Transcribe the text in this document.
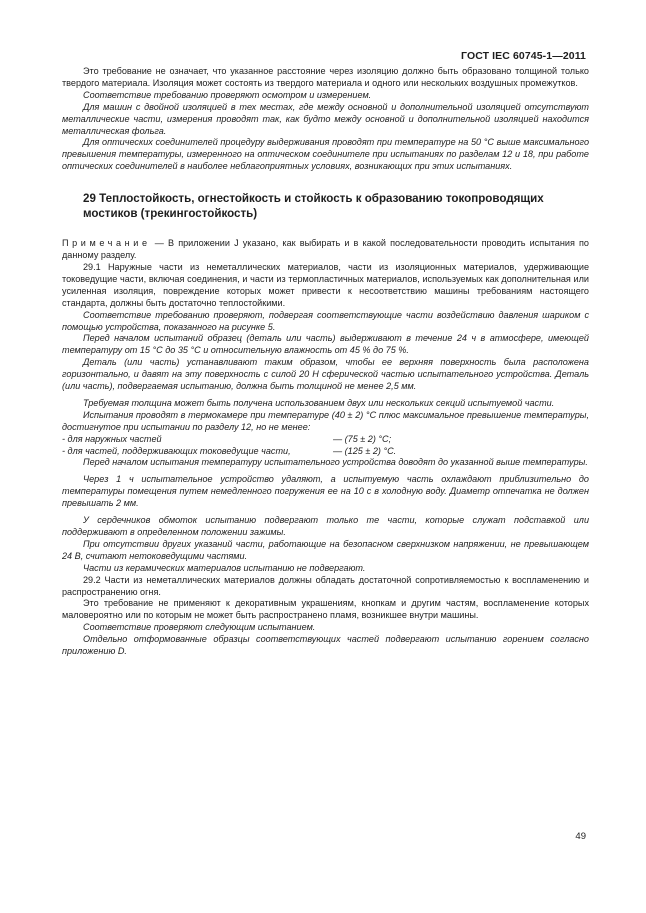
ГОСТ IEC 60745-1—2011

Это требование не означает, что указанное расстояние через изоляцию должно быть образовано толщиной только твердого материала. Изоляция может состоять из твердого материала и одного или нескольких воздушных промежутков.

Соответствие требованию проверяют осмотром и измерением.

Для машин с двойной изоляцией в тех местах, где между основной и дополнительной изоляцией отсутствуют металлические части, измерения проводят так, как будто между основной и дополнительной изоляцией находится металлическая фольга.

Для оптических соединителей процедуру выдерживания проводят при температуре на 50 °С выше максимального превышения температуры, измеренного на оптическом соединителе при испытаниях по разделам 12 и 18, при работе оптических соединителей в наиболее неблагоприятных условиях, возникающих при этих испытаниях.

29 Теплостойкость, огнестойкость и стойкость к образованию токопроводящих мостиков (трекингостойкость)

Примечание — В приложении J указано, как выбирать и в какой последовательности проводить испытания по данному разделу.

29.1 Наружные части из неметаллических материалов, части из изоляционных материалов, удерживающие токоведущие части, включая соединения, и части из термопластичных материалов, используемых как дополнительная или усиленная изоляция, повреждение которых может привести к несоответствию машины требованиям настоящего стандарта, должны быть достаточно теплостойкими.

Соответствие требованию проверяют, подвергая соответствующие части воздействию давления шариком с помощью устройства, показанного на рисунке 5.

Перед началом испытаний образец (деталь или часть) выдерживают в течение 24 ч в атмосфере, имеющей температуру от 15 °С до 35 °С и относительную влажность от 45 % до 75 %.

Деталь (или часть) устанавливают таким образом, чтобы ее верхняя поверхность была расположена горизонтально, и давят на эту поверхность с силой 20 Н сферической частью испытательного устройства. Деталь (или часть), подвергаемая испытанию, должна быть толщиной не менее 2,5 мм.

Требуемая толщина может быть получена использованием двух или нескольких секций испытуемой части.

Испытания проводят в термокамере при температуре (40 ± 2) °С плюс максимальное превышение температуры, достигнутое при испытании по разделу 12, но не менее:

- для наружных частей	— (75 ± 2) °С;
- для частей, поддерживающих токоведущие части,	— (125 ± 2) °С.

Перед началом испытания температуру испытательного устройства доводят до указанной выше температуры.

Через 1 ч испытательное устройство удаляют, а испытуемую часть охлаждают приблизительно до температуры помещения путем немедленного погружения ее на 10 с в холодную воду. Диаметр отпечатка не должен превышать 2 мм.

У сердечников обмоток испытанию подвергают только те части, которые служат подставкой или поддерживают в определенном положении зажимы.

При отсутствии других указаний части, работающие на безопасном сверхнизком напряжении, не превышающем 24 В, считают нетоковедущими частями.

Части из керамических материалов испытанию не подвергают.

29.2 Части из неметаллических материалов должны обладать достаточной сопротивляемостью к воспламенению и распространению огня.

Это требование не применяют к декоративным украшениям, кнопкам и другим частям, воспламенение которых маловероятно или по которым не может быть распространено пламя, возникшее внутри машины.

Соответствие проверяют следующим испытанием.

Отдельно отформованные образцы соответствующих частей подвергают испытанию горением согласно приложению D.

49
